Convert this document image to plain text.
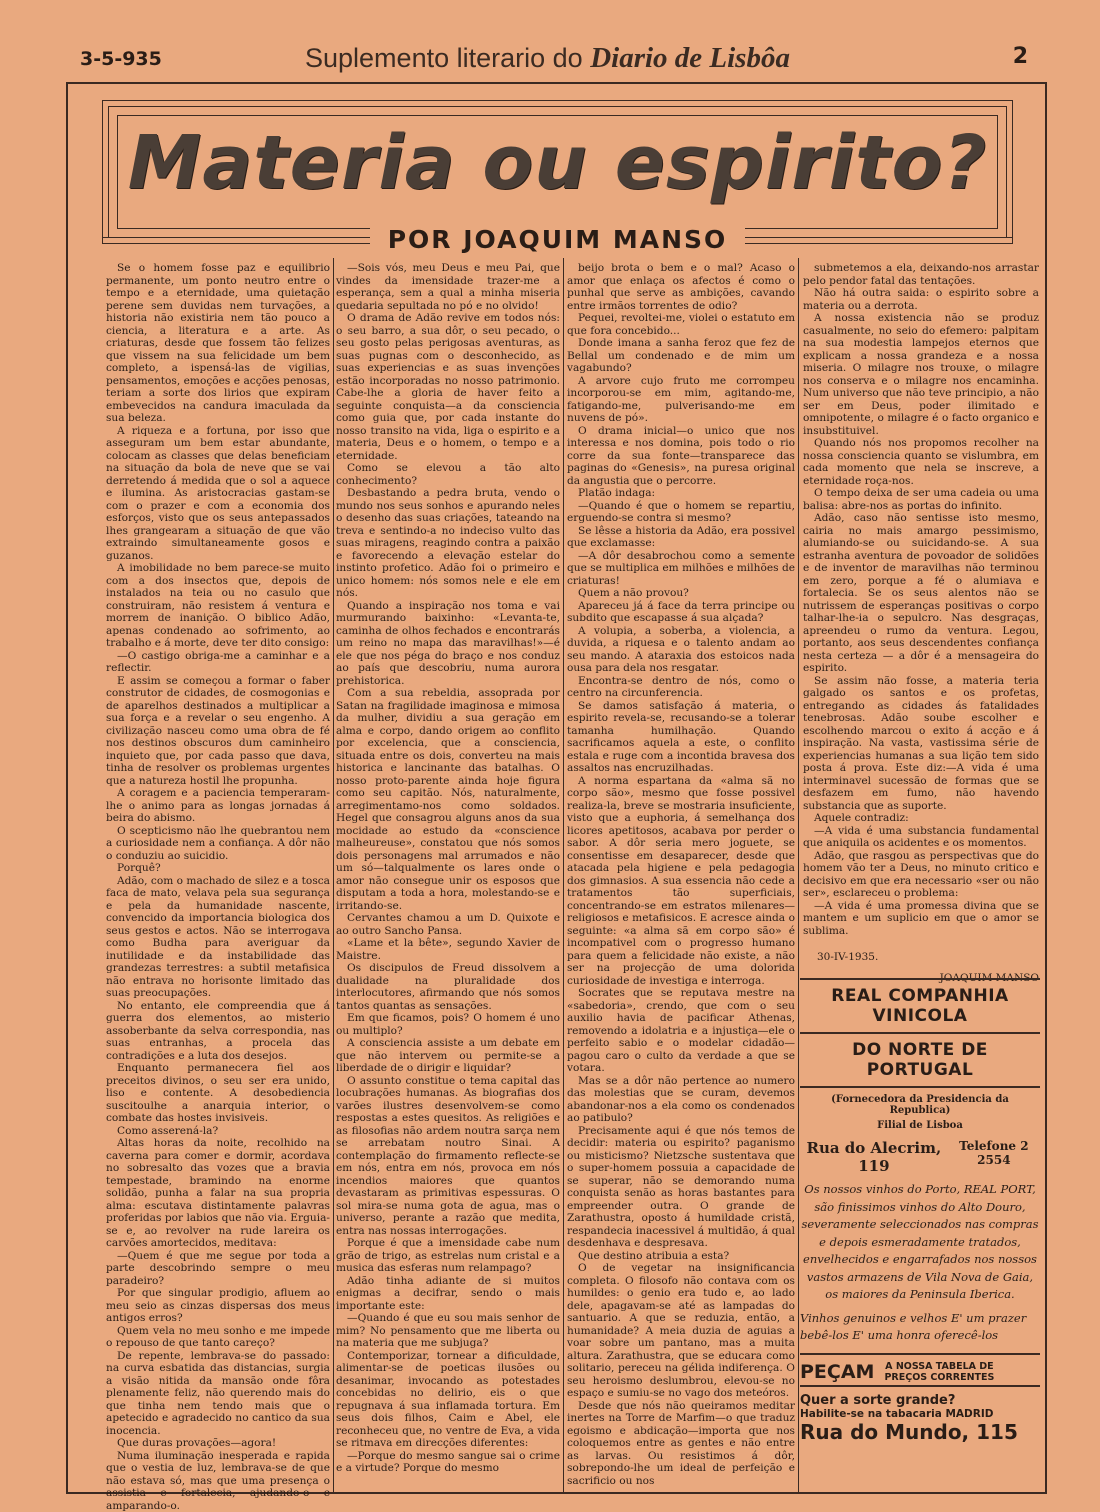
3-5-935	Suplemento literario do Diario de Lisbôa	2
Materia ou espirito?
POR JOAQUIM MANSO

Se o homem fosse paz e equilibrio permanente, um ponto neutro entre o tempo e a eternidade, uma quietação perene sem duvidas nem turvações, a historia não existiria nem tão pouco a ciencia, a literatura e a arte. As criaturas, desde que fossem tão felizes que vissem na sua felicidade um bem completo, a ispensá-las de vigilias, pensamentos, emoções e acções penosas, teriam a sorte dos lirios que expiram embevecidos na candura imaculada da sua beleza.

A riqueza e a fortuna, por isso que asseguram um bem estar abundante, colocam as classes que delas beneficiam na situação da bola de neve que se vai derretendo á medida que o sol a aquece e ilumina. As aristocracias gastam-se com o prazer e com a economia dos esforços, visto que os seus antepassados lhes grangearam a situação de que vão extraindo simultaneamente gosos e guzanos.

A imobilidade no bem parece-se muito com a dos insectos que, depois de instalados na teia ou no casulo que construiram, não resistem á ventura e morrem de inanição. O biblico Adão, apenas condenado ao sofrimento, ao trabalho e á morte, deve ter dito consigo:

—O castigo obriga-me a caminhar e a reflectir.

E assim se começou a formar o faber construtor de cidades, de cosmogonias e de aparelhos destinados a multiplicar a sua força e a revelar o seu engenho. A civilização nasceu como uma obra de fé nos destinos obscuros dum caminheiro inquieto que, por cada passo que dava, tinha de resolver os problemas urgentes que a natureza hostil lhe propunha.

A coragem e a paciencia temperaram-lhe o animo para as longas jornadas á beira do abismo.

O scepticismo não lhe quebrantou nem a curiosidade nem a confiança. A dôr não o conduziu ao suicidio.

Porquê?

Adão, com o machado de silez e a tosca faca de mato, velava pela sua segurança e pela da humanidade nascente, convencido da importancia biologica dos seus gestos e actos. Não se interrogava como Budha para averiguar da inutilidade e da instabilidade das grandezas terrestres: a subtil metafisica não entrava no horisonte limitado das suas preocupações.

No entanto, ele compreendia que á guerra dos elementos, ao misterio assoberbante da selva correspondia, nas suas entranhas, a procela das contradições e a luta dos desejos.

Enquanto permanecera fiel aos preceitos divinos, o seu ser era unido, liso e contente. A desobediencia suscitoulhe a anarquia interior, o combate das hostes invisiveis.

Como asserená-la?

Altas horas da noite, recolhido na caverna para comer e dormir, acordava no sobresalto das vozes que a bravia tempestade, bramindo na enorme solidão, punha a falar na sua propria alma: escutava distintamente palavras proferidas por labios que não via. Erguia-se e, ao revolver na rude lareira os carvões amortecidos, meditava:

—Quem é que me segue por toda a parte descobrindo sempre o meu paradeiro?

Por que singular prodigio, afluem ao meu seio as cinzas dispersas dos meus antigos erros?

Quem vela no meu sonho e me impede o repouso de que tanto careço?

De repente, lembrava-se do passado: na curva esbatida das distancias, surgia a visão nitida da mansão onde fôra plenamente feliz, não querendo mais do que tinha nem tendo mais que o apetecido e agradecido no cantico da sua inocencia.

Que duras provações—agora!

Numa iluminação inesperada e rapida que o vestia de luz, lembrava-se de que não estava só, mas que uma presença o assistia e fortalecia, ajudando-o e amparando-o.

—Sois vós, meu Deus e meu Pai, que vindes da imensidade trazer-me a esperança, sem a qual a minha miseria quedaria sepultada no pó e no olvido!

O drama de Adão revive em todos nós: o seu barro, a sua dôr, o seu pecado, o seu gosto pelas perigosas aventuras, as suas pugnas com o desconhecido, as suas experiencias e as suas invenções estão incorporadas no nosso patrimonio. Cabe-lhe a gloria de haver feito a seguinte conquista—a da consciencia como guia que, por cada instante do nosso transito na vida, liga o espirito e a materia, Deus e o homem, o tempo e a eternidade.

Como se elevou a tão alto conhecimento?

Desbastando a pedra bruta, vendo o mundo nos seus sonhos e apurando neles o desenho das suas criações, tateando na treva e sentindo-a no indeciso vulto das suas miragens, reagindo contra a paixão e favorecendo a elevação estelar do instinto profetico. Adão foi o primeiro e unico homem: nós somos nele e ele em nós.

Quando a inspiração nos toma e vai murmurando baixinho: «Levanta-te, caminha de olhos fechados e encontrarás um reino no mapa das maravilhas!»—é ele que nos péga do braço e nos conduz ao país que descobriu, numa aurora prehistorica.

Com a sua rebeldia, assoprada por Satan na fragilidade imaginosa e mimosa da mulher, dividiu a sua geração em alma e corpo, dando origem ao conflito por excelencia, que a consciencia, situada entre os dois, converteu na mais historica e lancinante das batalhas. O nosso proto-parente ainda hoje figura como seu capitão. Nós, naturalmente, arregimentamo-nos como soldados. Hegel que consagrou alguns anos da sua mocidade ao estudo da «conscience malheureuse», constatou que nós somos dois personagens mal arrumados e não um só—talqualmente os lares onde o amor não consegue unir os esposos que disputam a toda a hora, molestando-se e irritando-se.

Cervantes chamou a um D. Quixote e ao outro Sancho Pansa.

«Lame et la bête», segundo Xavier de Maistre.

Os discipulos de Freud dissolvem a dualidade na pluralidade dos interlocutores, afirmando que nós somos tantos quantas as sensações.

Em que ficamos, pois? O homem é uno ou multiplo?

A consciencia assiste a um debate em que não intervem ou permite-se a liberdade de o dirigir e liquidar?

O assunto constitue o tema capital das locubrações humanas. As biografias dos varões ilustres desenvolvem-se como respostas a estes quesitos. As religiões e as filosofias não ardem noutra sarça nem se arrebatam noutro Sinai. A contemplação do firmamento reflecte-se em nós, entra em nós, provoca em nós incendios maiores que quantos devastaram as primitivas espessuras. O sol mira-se numa gota de agua, mas o universo, perante a razão que medita, entra nas nossas interrogações.

Porque é que a imensidade cabe num grão de trigo, as estrelas num cristal e a musica das esferas num relampago?

Adão tinha adiante de si muitos enigmas a decifrar, sendo o mais importante este:

—Quando é que eu sou mais senhor de mim? No pensamento que me liberta ou na materia que me subjuga?

Contemporizar, tornear a dificuldade, alimentar-se de poeticas ilusões ou desanimar, invocando as potestades concebidas no delirio, eis o que repugnava á sua inflamada tortura. Em seus dois filhos, Caim e Abel, ele reconheceu que, no ventre de Eva, a vida se ritmava em direcções diferentes:

—Porque do mesmo sangue sai o crime e a virtude? Porque do mesmo

beijo brota o bem e o mal? Acaso o amor que enlaça os afectos é como o punhal que serve as ambições, cavando entre irmãos torrentes de odio?

Pequei, revoltei-me, violei o estatuto em que fora concebido...

Donde imana a sanha feroz que fez de Bellal um condenado e de mim um vagabundo?

A arvore cujo fruto me corrompeu incorporou-se em mim, agitando-me, fatigando-me, pulverisando-me em nuvens de pó».

O drama inicial—o unico que nos interessa e nos domina, pois todo o rio corre da sua fonte—transparece das paginas do «Genesis», na puresa original da angustia que o percorre.

Platão indaga:

—Quando é que o homem se repartiu, erguendo-se contra si mesmo?

Se lêsse a historia da Adão, era possivel que exclamasse:

—A dôr desabrochou como a semente que se multiplica em milhões e milhões de criaturas!

Quem a não provou?

Apareceu já á face da terra principe ou subdito que escapasse á sua alçada?

A volupia, a soberba, a violencia, a duvida, a riquesa e o talento andam ao seu mando. A ataraxia dos estoicos nada ousa para dela nos resgatar.

Encontra-se dentro de nós, como o centro na circunferencia.

Se damos satisfação á materia, o espirito revela-se, recusando-se a tolerar tamanha humilhação. Quando sacrificamos aquela a este, o conflito estala e ruge com a incontida bravesa dos assaltos nas encruzilhadas.

A norma espartana da «alma sã no corpo são», mesmo que fosse possivel realiza-la, breve se mostraria insuficiente, visto que a euphoria, á semelhança dos licores apetitosos, acabava por perder o sabor. A dôr seria mero joguete, se consentisse em desaparecer, desde que atacada pela higiene e pela pedagogia dos gimnasios. A sua essencia não cede a tratamentos tão superficiais, concentrando-se em estratos milenares—religiosos e metafisicos. E acresce ainda o seguinte: «a alma sã em corpo são» é incompativel com o progresso humano para quem a felicidade não existe, a não ser na projecção de uma dolorida curiosidade de investiga e interroga.

Socrates que se reputava mestre na «sabedoria», crendo, que com o seu auxilio havia de pacificar Athenas, removendo a idolatria e a injustiça—ele o perfeito sabio e o modelar cidadão—pagou caro o culto da verdade a que se votara.

Mas se a dôr não pertence ao numero das molestias que se curam, devemos abandonar-nos a ela como os condenados ao patibulo?

Precisamente aqui é que nós temos de decidir: materia ou espirito? paganismo ou misticismo? Nietzsche sustentava que o super-homem possuia a capacidade de se superar, não se demorando numa conquista senão as horas bastantes para empreender outra. O grande de Zarathustra, oposto á humildade cristã, respandecia inacessivel á multidão, á qual desdenhava e despresava.

Que destino atribuia a esta?

O de vegetar na insignificancia completa. O filosofo não contava com os humildes: o genio era tudo e, ao lado dele, apagavam-se até as lampadas do santuario. A que se reduzia, então, a humanidade? A meia duzia de aguias a voar sobre um pantano, mas a muita altura. Zarathustra, que se educara como solitario, pereceu na gélida indiferença. O seu heroismo deslumbrou, elevou-se no espaço e sumiu-se no vago dos meteóros.

Desde que nós não queiramos meditar inertes na Torre de Marfim—o que traduz egoismo e abdicação—importa que nos coloquemos entre as gentes e não entre as larvas. Ou resistimos á dôr, sobrepondo-lhe um ideal de perfeição e sacrificio ou nos

submetemos a ela, deixando-nos arrastar pelo pendor fatal das tentações.

Não há outra saida: o espirito sobre a materia ou a derrota.

A nossa existencia não se produz casualmente, no seio do efemero: palpitam na sua modestia lampejos eternos que explicam a nossa grandeza e a nossa miseria. O milagre nos trouxe, o milagre nos conserva e o milagre nos encaminha. Num universo que não teve principio, a não ser em Deus, poder ilimitado e omnipotente, o milagre é o facto organico e insubstituivel.

Quando nós nos propomos recolher na nossa consciencia quanto se vislumbra, em cada momento que nela se inscreve, a eternidade roça-nos.

O tempo deixa de ser uma cadeia ou uma balisa: abre-nos as portas do infinito.

Adão, caso não sentisse isto mesmo, cairia no mais amargo pessimismo, alumiando-se ou suicidando-se. A sua estranha aventura de povoador de solidões e de inventor de maravilhas não terminou em zero, porque a fé o alumiava e fortalecia. Se os seus alentos não se nutrissem de esperanças positivas o corpo talhar-lhe-ia o sepulcro. Nas desgraças, apreendeu o rumo da ventura. Legou, portanto, aos seus descendentes confiança nesta certeza — a dôr é a mensageira do espirito.

Se assim não fosse, a materia teria galgado os santos e os profetas, entregando as cidades ás fatalidades tenebrosas. Adão soube escolher e escolhendo marcou o exito á acção e á inspiração. Na vasta, vastissima série de experiencias humanas a sua lição tem sido posta á prova. Este diz:—A vida é uma interminavel sucessão de formas que se desfazem em fumo, não havendo substancia que as suporte.

Aquele contradiz:

—A vida é uma substancia fundamental que aniquila os acidentes e os momentos.

Adão, que rasgou as perspectivas que do homem vão ter a Deus, no minuto critico e decisivo em que era necessario «ser ou não ser», esclareceu o problema:

—A vida é uma promessa divina que se mantem e um suplicio em que o amor se sublima.

30-IV-1935.
REAL COMPANHIA VINICOLA
DO NORTE DE PORTUGAL
(Fornecedora da Presidencia da Republica)
Filial de Lisboa
Rua do Alecrim, 119
Telefone 2 2554
Os nossos vinhos do Porto, REAL PORT, são finissimos vinhos do Alto Douro, severamente seleccionados nas compras e depois esmeradamente tratados, envelhecidos e engarrafados nos nossos vastos armazens de Vila Nova de Gaia, os maiores da Peninsula Iberica.
Vinhos genuinos e velhos E' um prazer bebê-los E' uma honra oferecê-los
PEÇAM A NOSSA TABELA DE
PREÇOS CORRENTES
Quer a sorte grande?
Habilite-se na tabacaria MADRID
Rua do Mundo, 115
